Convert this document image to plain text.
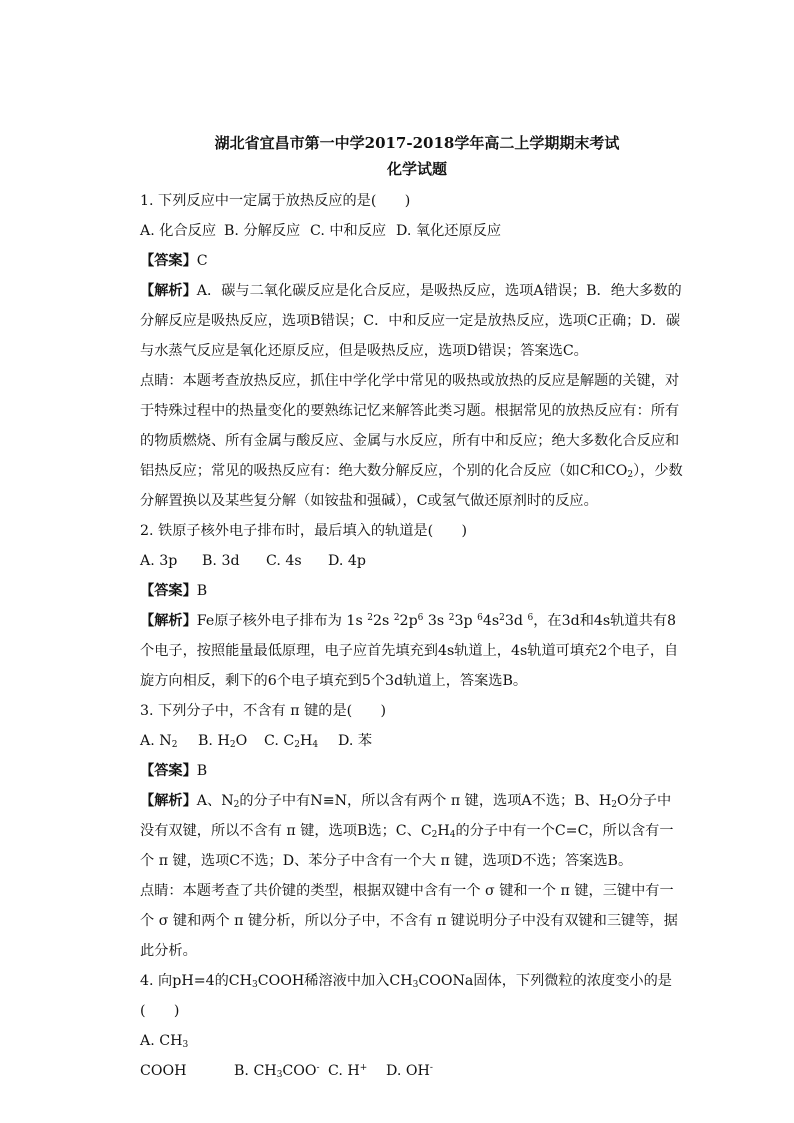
湖北省宜昌市第一中学2017-2018学年高二上学期期末考试

化学试题

1. 下列反应中一定属于放热反应的是(　　)

A. 化合反应 B. 分解反应 C. 中和反应 D. 氧化还原反应

【答案】C

【解析】A．碳与二氧化碳反应是化合反应，是吸热反应，选项A错误；B．绝大多数的分解反应是吸热反应，选项B错误；C．中和反应一定是放热反应，选项C正确；D．碳与水蒸气反应是氧化还原反应，但是吸热反应，选项D错误；答案选C。

点睛：本题考查放热反应，抓住中学化学中常见的吸热或放热的反应是解题的关键，对于特殊过程中的热量变化的要熟练记忆来解答此类习题。根据常见的放热反应有：所有的物质燃烧、所有金属与酸反应、金属与水反应，所有中和反应；绝大多数化合反应和铝热反应；常见的吸热反应有：绝大数分解反应，个别的化合反应（如C和$CO_2$），少数分解置换以及某些复分解（如铵盐和强碱），C或氢气做还原剂时的反应。

2. 铁原子核外电子排布时，最后填入的轨道是(　　)

A. 3p B. 3d C. 4s D. 4p

【答案】B

【解析】Fe原子核外电子排布为 1s $^2$2s $^22p^6$ 3s $^2$3p $^64s^23d$ $^6$，在3d和4s轨道共有8个电子，按照能量最低原理，电子应首先填充到4s轨道上，4s轨道可填充2个电子，自旋方向相反，剩下的6个电子填充到5个3d轨道上，答案选B。

3. 下列分子中，不含有 π 键的是(　　)

A. $N_2$ B. $H_2O$ C. $C_2H_4$ D. 苯

【答案】B

【解析】A、$N_2$的分子中有N≡N，所以含有两个 π 键，选项A不选；B、$H_2O$分子中没有双键，所以不含有 π 键，选项B选；C、$C_2H_4$的分子中有一个C=C，所以含有一个 π 键，选项C不选；D、苯分子中含有一个大 π 键，选项D不选；答案选B。

点睛：本题考查了共价键的类型，根据双键中含有一个 σ 键和一个 π 键，三键中有一个 σ 键和两个 π 键分析，所以分子中，不含有 π 键说明分子中没有双键和三键等，据此分析。

4. 向pH=4的$CH_3COOH$稀溶液中加入$CH_3COONa$固体，下列微粒的浓度变小的是(　　)

A. $CH_3COOH$	B. $CH_3COO^-$ C. H+ D. OH-
